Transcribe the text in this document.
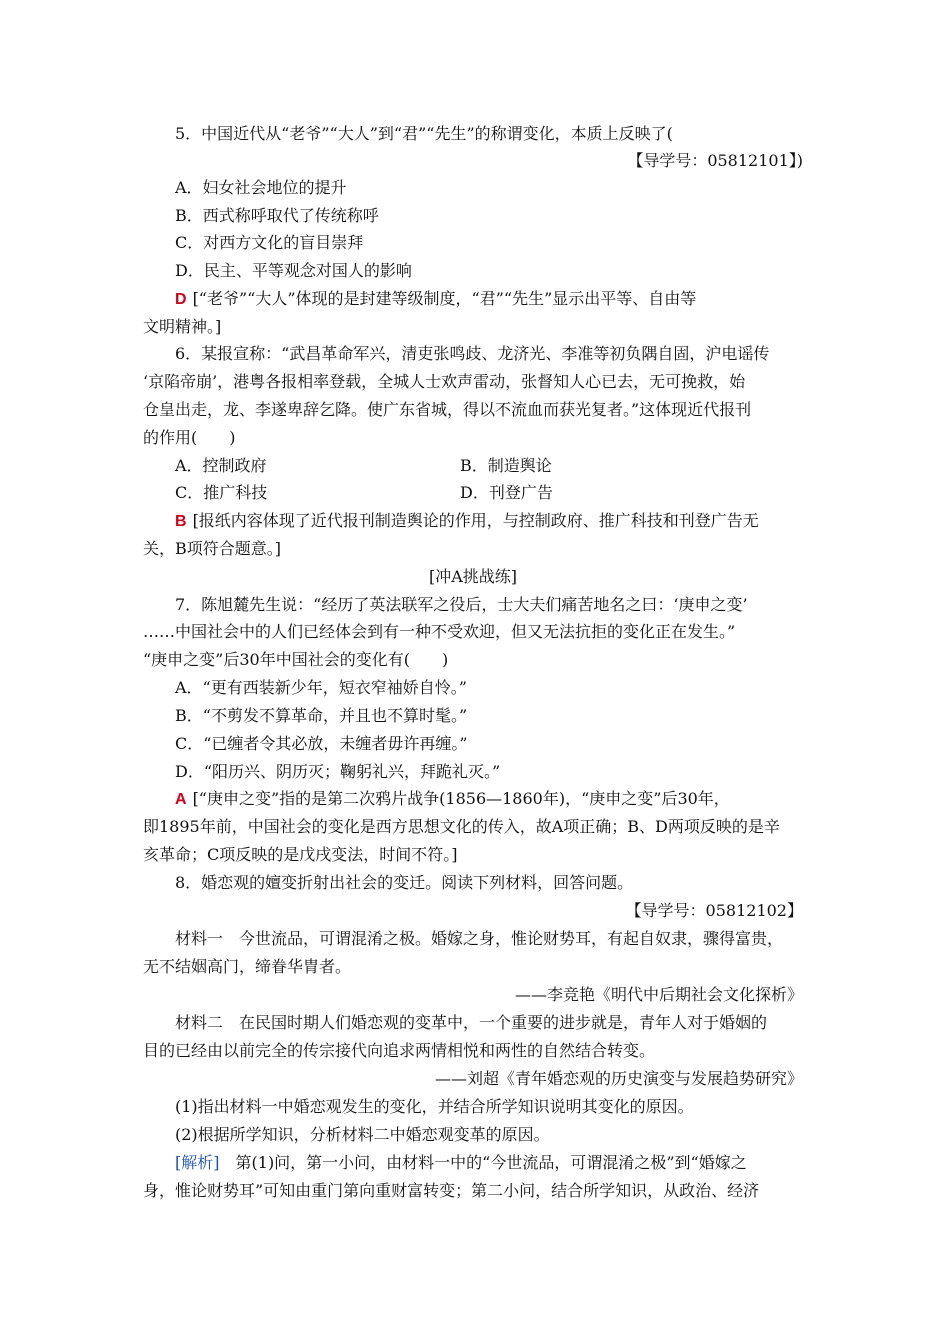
5．中国近代从“老爷”“大人”到“君”“先生”的称谓变化，本质上反映了(
【导学号：05812101】)
A．妇女社会地位的提升
B．西式称呼取代了传统称呼
C．对西方文化的盲目崇拜
D．民主、平等观念对国人的影响
D [“老爷”“大人”体现的是封建等级制度，“君”“先生”显示出平等、自由等
文明精神。]
6．某报宣称：“武昌革命军兴，清吏张鸣歧、龙济光、李准等初负隅自固，沪电谣传
‘京陷帝崩’，港粤各报相率登载，全城人士欢声雷动，张督知人心已去，无可挽救，始
仓皇出走，龙、李遂卑辞乞降。使广东省城，得以不流血而获光复者。”这体现近代报刊
的作用(　　)
A．控制政府	B．制造舆论
C．推广科技	D．刊登广告
B [报纸内容体现了近代报刊制造舆论的作用，与控制政府、推广科技和刊登广告无
关，B项符合题意。]
[冲A挑战练]
7．陈旭麓先生说：“经历了英法联军之役后，士大夫们痛苦地名之曰：‘庚申之变’
……中国社会中的人们已经体会到有一种不受欢迎，但又无法抗拒的变化正在发生。”
“庚申之变”后30年中国社会的变化有(　　)
A．“更有西装新少年，短衣窄袖娇自怜。”
B．“不剪发不算革命，并且也不算时髦。”
C．“已缠者令其必放，未缠者毋许再缠。”
D．“阳历兴、阴历灭；鞠躬礼兴，拜跪礼灭。”
A [“庚申之变”指的是第二次鸦片战争(1856—1860年)，“庚申之变”后30年，
即1895年前，中国社会的变化是西方思想文化的传入，故A项正确；B、D两项反映的是辛
亥革命；C项反映的是戊戌变法，时间不符。]
8．婚恋观的嬗变折射出社会的变迁。阅读下列材料，回答问题。
【导学号：05812102】
材料一　今世流品，可谓混淆之极。婚嫁之身，惟论财势耳，有起自奴隶，骤得富贵，
无不结姻高门，缔眷华胄者。
——李竞艳《明代中后期社会文化探析》
材料二　在民国时期人们婚恋观的变革中，一个重要的进步就是，青年人对于婚姻的
目的已经由以前完全的传宗接代向追求两情相悦和两性的自然结合转变。
——刘超《青年婚恋观的历史演变与发展趋势研究》
(1)指出材料一中婚恋观发生的变化，并结合所学知识说明其变化的原因。
(2)根据所学知识，分析材料二中婚恋观变革的原因。
[解析]　 第(1)问，第一小问，由材料一中的“今世流品，可谓混淆之极”到“婚嫁之
身，惟论财势耳”可知由重门第向重财富转变；第二小问，结合所学知识，从政治、经济
